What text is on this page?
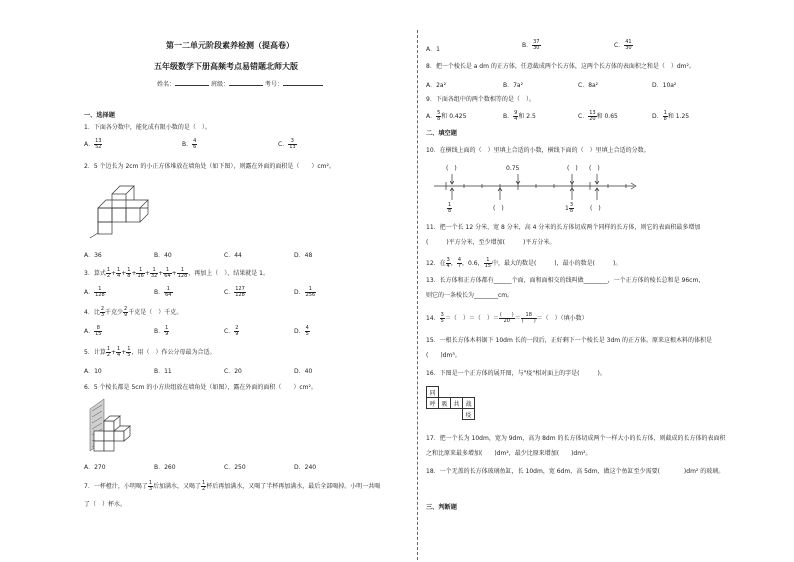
第一二单元阶段素养检测（提高卷）
五年级数学下册高频考点易错题北师大版
姓名：	班级：	考号：
一、选择题
1．下面各分数中，能化成有限小数的是（　）。
A． $\frac{13}{52}$	B． $\frac{4}{6}$	C． $\frac{3}{13}$
2．5 个边长为 2cm 的小正方体堆放在墙角处（如下图），则露在外面的面积是（　　）cm²。
A．36	B．40	C．44	D．48
3．算式 $\frac{1}{2} + \frac{1}{4} + \frac{1}{8} + \frac{1}{16} + \frac{1}{32} + \frac{1}{64} + \frac{1}{128}$ ，再加上（　），结果就是 1。
A． $\frac{1}{128}$	B． $\frac{1}{64}$	C． $\frac{127}{128}$	D． $\frac{1}{256}$
4．比 $\frac{2}{3}$ 千克少 $\frac{2}{9}$ 千克是（　）千克。
A． $\frac{8}{15}$	B． $\frac{1}{9}$	C． $\frac{2}{9}$	D． $\frac{4}{5}$
5．计算 $\frac{1}{2} + \frac{1}{4} + \frac{1}{5}$ ，用（　）作公分母最为合适。
A．10	B．11	C．20	D．40
6．5 个棱长都是 5cm 的小方块组放在墙角处（如图），露在外面的面积（　　）cm²。
A．270	B．260	C．250	D．240
7．一杯橙汁，小明喝了 $\frac{1}{3}$ 后加满水，又喝了 $\frac{1}{2}$ 杯后再加满水，又喝了半杯再加满水，最后全部喝掉。小明一共喝
了（　）杯水。
A．1
B． $\frac{37}{30}$	C． $\frac{41}{30}$
8．把一个棱长是 a dm 的正方体，任意截成两个长方体，这两个长方体的表面积之和是（　）dm²。
A．2a²	B．7a²	C．8a²	D．10a²
9．下面各组中的两个数相等的是（　）。
A． $\frac{5}{8}$ 和 0.425	B． $\frac{9}{4}$ 和 2.5	C． $\frac{13}{20}$ 和 0.65	D． $\frac{1}{8}$ 和 1.25
二、填空题
10．在横线上面的（　）里填上合适的小数，横线下面的（　）里填上合适的分数。
(　)	0.75	(　) (　)
$\frac{1}{8}$	(　)	$1 \frac{3}{8}$	(　)
11．把一个长 12 分米，宽 8 分米，高 4 分米的长方体切成两个同样的长方体，则它的表面积最多增加
(　　　)平方分米，至少增加(　　　)平方分米。
12．在 $\frac{3}{4}$ ， $\frac{4}{7}$ ，0.6， $\frac{1}{15}$ 中，最大的数是(　　　)，最小的数是(　　　)。
13．长方体和正方体都有______个面，面和面相交的线叫做________，一个正方体的棱长总和是 96cm，
则它的一条棱长为________cm。
14． $\frac{3}{5}$ ＝（　）＝（　）＝ $\frac{( )}{20} = \frac{18}{( )}$ ＝（　）（填小数）
15．一根长方体木料锯下 10dm 长的一段后，正好剩下一个棱长是 3dm 的正方体。原来这根木料的体积是
(　　)dm³。
16．下图是一个正方体的展开图，与"疫"相对面上的字是(　　　)。
同			
呼	吸	共	战
			疫
17．把一个长为 10dm，宽为 9dm，高为 8dm 的长方体切成两个一样大小的长方体，则截成的长方体的表面积
之和比原来最多增加(　　)dm²，最少比原来增加(　　)dm²。
18．一个无盖的长方体玻璃鱼缸，长 10dm，宽 6dm，高 5dm，做这个鱼缸至少需要(　　　　)dm² 的玻璃。
三、判断题
